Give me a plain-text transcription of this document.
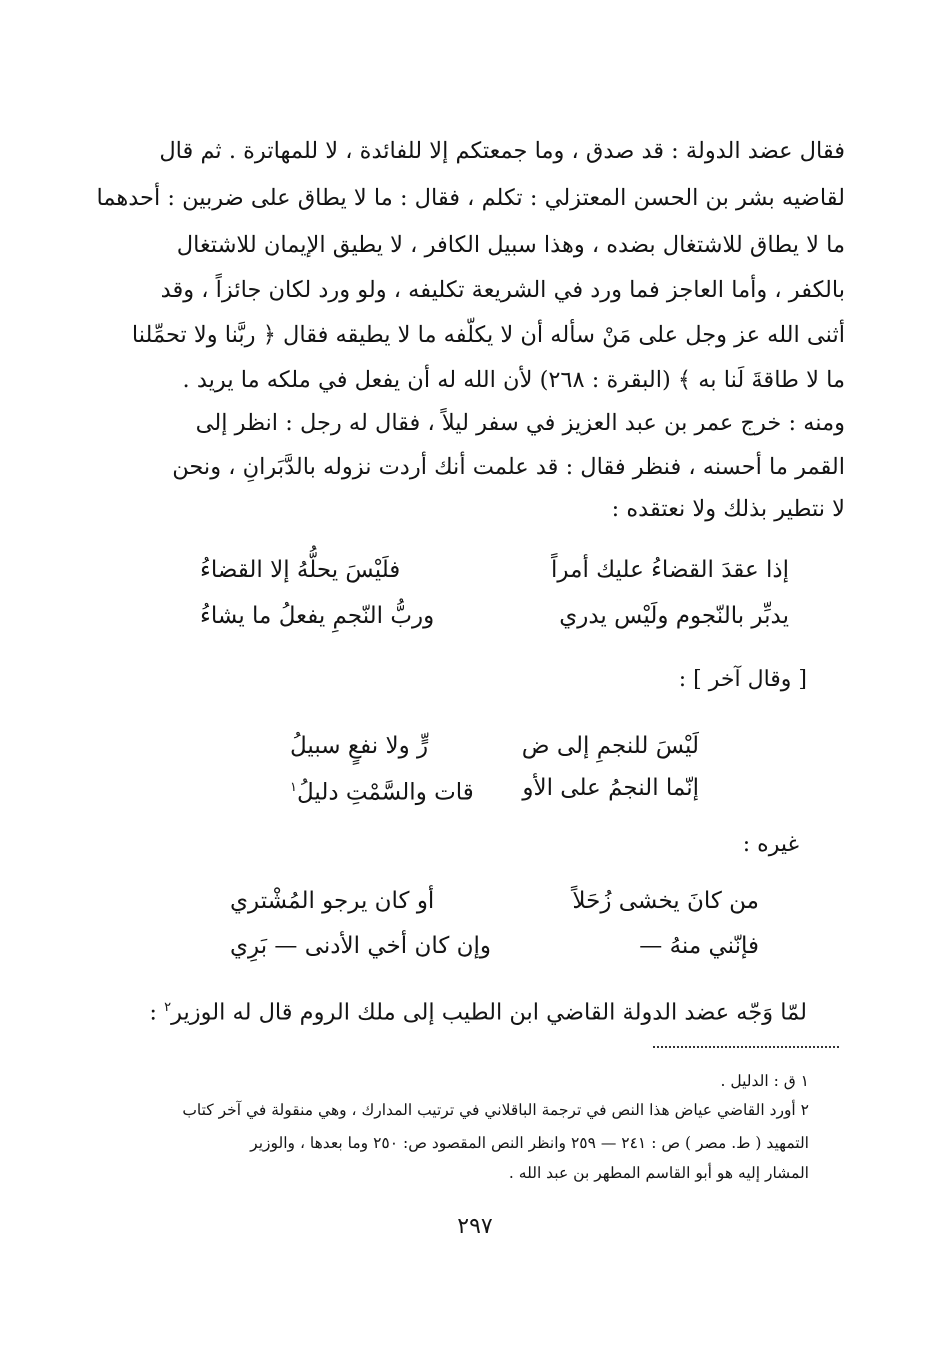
فقال عضد الدولة : قد صدق ، وما جمعتكم إلا للفائدة ، لا للمهاترة . ثم قال
لقاضيه بشر بن الحسن المعتزلي : تكلم ، فقال : ما لا يطاق على ضربين : أحدهما
ما لا يطاق للاشتغال بضده ، وهذا سبيل الكافر ، لا يطيق الإيمان للاشتغال
بالكفر ، وأما العاجز فما ورد في الشريعة تكليفه ، ولو ورد لكان جائزاً ، وقد
أثنى الله عز وجل على مَنْ سأله أن لا يكلّفه ما لا يطيقه فقال ﴿ ربَّنا ولا تحمِّلنا
ما لا طاقةَ لَنا به ﴾ (البقرة : ٢٦٨) لأن الله له أن يفعل في ملكه ما يريد .
ومنه : خرج عمر بن عبد العزيز في سفر ليلاً ، فقال له رجل : انظر إلى
القمر ما أحسنه ، فنظر فقال : قد علمت أنك أردت نزوله بالدَّبَرانِ ، ونحن
لا نتطير بذلك ولا نعتقده :
إذا عقدَ القضاءُ عليك أمراً
فلَيْسَ يحلُّهُ إلا القضاءُ
يدبِّر بالنّجوم ولَيْس يدري
وربُّ النّجمِ يفعلُ ما يشاءُ
[ وقال آخر ] :
لَيْسَ للنجمِ إلى ض
رٍّ ولا نفعٍ سبيلُ
إنّما النجمُ على الأو
قات والسَّمْتِ دليلُ$^١$
غيره :
من كانَ يخشى زُحَلاً
أو كان يرجو المُشْتري
فإنّني منهُ —
وإن كان أخي الأدنى — بَرِي
لمّا وَجّه عضد الدولة القاضي ابن الطيب إلى ملك الروم قال له الوزير$^٢$ :
١ ق : الدليل .
٢ أورد القاضي عياض هذا النص في ترجمة الباقلاني في ترتيب المدارك ، وهي منقولة في آخر كتاب
التمهيد ( ط. مصر ) ص : ٢٤١ — ٢٥٩ وانظر النص المقصود ص: ٢٥٠ وما بعدها ، والوزير
المشار إليه هو أبو القاسم المطهر بن عبد الله .
٢٩٧
